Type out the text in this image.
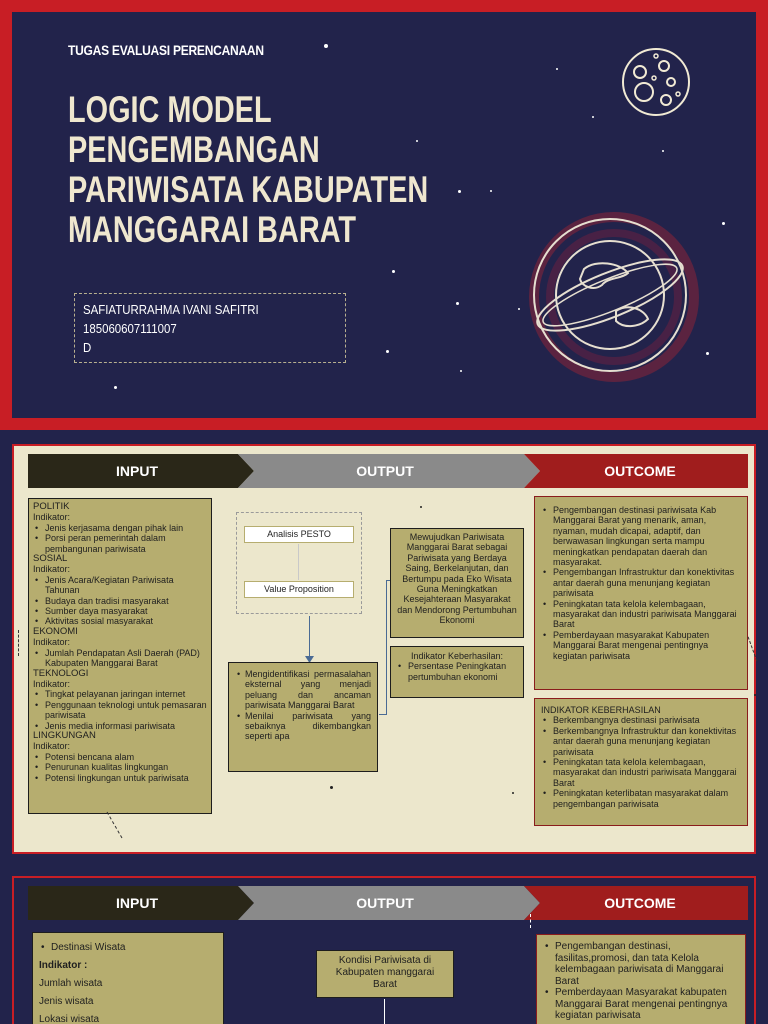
TUGAS EVALUASI PERENCANAAN
LOGIC MODEL
PENGEMBANGAN
PARIWISATA KABUPATEN
MANGGARAI BARAT
SAFIATURRAHMA IVANI SAFITRI
185060607111007
D
INPUT	OUTPUT	OUTCOME
POLITIK
Indikator:
• Jenis kerjasama dengan pihak lain
• Porsi peran pemerintah dalam pembangunan pariwisata
SOSIAL
Indikator:
• Jenis Acara/Kegiatan Pariwisata Tahunan
• Budaya dan tradisi masyarakat
• Sumber daya masyarakat
• Aktivitas sosial masyarakat
EKONOMI
Indikator:
• Jumlah Pendapatan Asli Daerah (PAD) Kabupaten Manggarai Barat
TEKNOLOGI
Indikator:
• Tingkat pelayanan jaringan internet
• Penggunaan teknologi untuk pemasaran pariwisata
• Jenis media informasi pariwisata
LINGKUNGAN
Indikator:
• Potensi bencana alam
• Penurunan kualitas lingkungan
• Potensi lingkungan untuk pariwisata
Analisis PESTO
Value Proposition
• Mengidentifikasi permasalahan eksternal yang menjadi peluang dan ancaman pariwisata Manggarai Barat
• Menilai pariwisata yang sebaiknya dikembangkan seperti apa
Mewujudkan Pariwisata Manggarai Barat sebagai Pariwisata yang Berdaya Saing, Berkelanjutan, dan Bertumpu pada Eko Wisata Guna Meningkatkan Kesejahteraan Masyarakat dan Mendorong Pertumbuhan Ekonomi
Indikator Keberhasilan:
• Persentase Peningkatan pertumbuhan ekonomi
• Pengembangan destinasi pariwisata Kab Manggarai Barat yang menarik, aman, nyaman, mudah dicapai, adaptif, dan berwawasan lingkungan serta mampu meningkatkan pendapatan daerah dan masyarakat.
• Pengembangan Infrastruktur dan konektivitas antar daerah guna menunjang kegiatan pariwisata
• Peningkatan tata kelola kelembagaan, masyarakat dan industri pariwisata Manggarai Barat
• Pemberdayaan masyarakat Kabupaten Manggarai Barat mengenai pentingnya kegiatan pariwisata
INDIKATOR KEBERHASILAN
• Berkembangnya destinasi pariwisata
• Berkembangnya Infrastruktur dan konektivitas antar daerah guna menunjang kegiatan pariwisata
• Peningkatan tata kelola kelembagaan, masyarakat dan industri pariwisata Manggarai Barat
• Peningkatan keterlibatan masyarakat dalam pengembangan pariwisata
INPUT	OUTPUT	OUTCOME
• Destinasi Wisata
Indikator :
Jumlah wisata
Jenis wisata
Lokasi wisata
Kondisi Pariwisata di Kabupaten manggarai Barat
• Pengembangan destinasi, fasilitas,promosi, dan tata Kelola kelembagaan pariwisata di Manggarai Barat
• Pemberdayaan Masyarakat kabupaten Manggarai Barat mengenai pentingnya kegiatan pariwisata
